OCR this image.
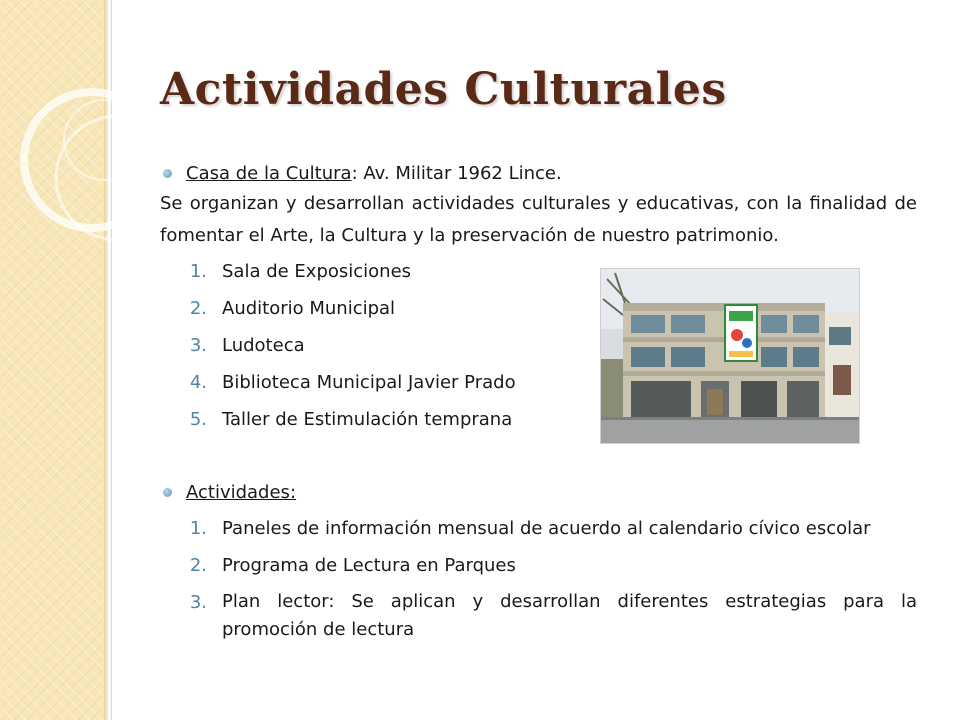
Actividades Culturales
Casa de la Cultura: Av. Militar 1962 Lince.

Se organizan y desarrollan actividades culturales y educativas, con la finalidad de fomentar el Arte, la Cultura y la preservación de nuestro patrimonio.

1. Sala de Exposiciones
2. Auditorio Municipal
3. Ludoteca
4. Biblioteca Municipal Javier Prado
5. Taller de Estimulación temprana
Actividades:
1. Paneles de información mensual de acuerdo al calendario cívico escolar
2. Programa de Lectura en Parques
3. Plan lector: Se aplican y desarrollan diferentes estrategias para la promoción de lectura
